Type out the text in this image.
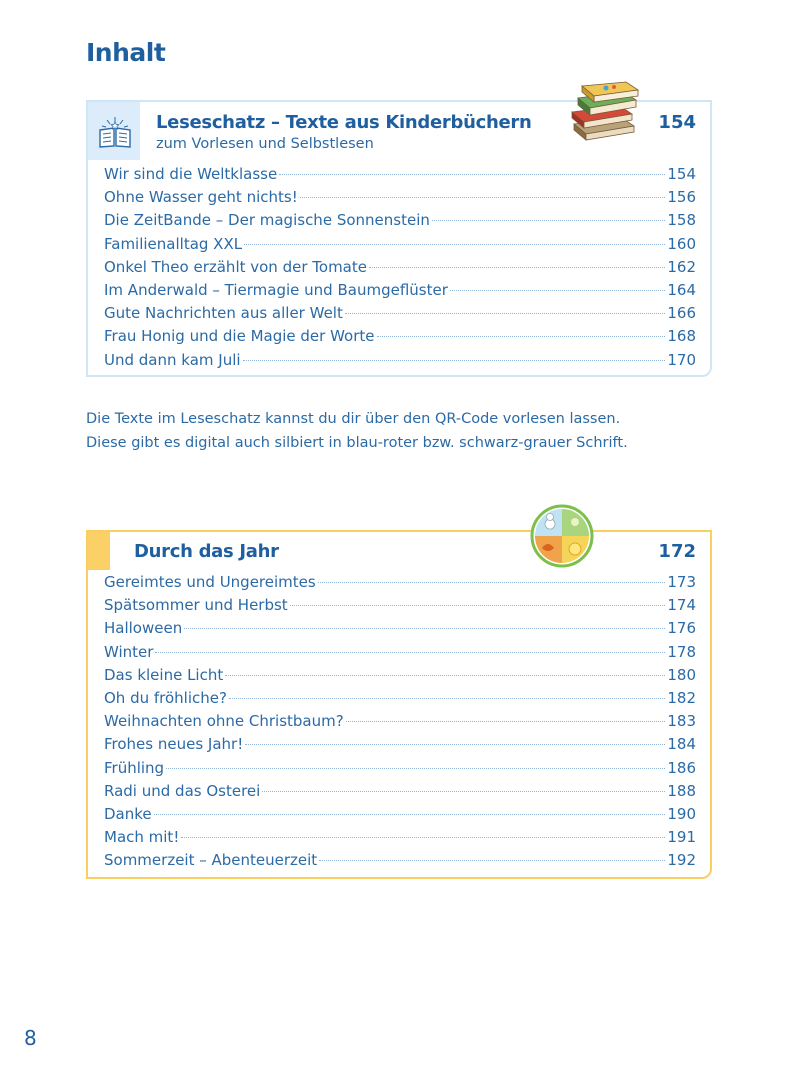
Inhalt
Leseschatz – Texte aus Kinderbüchern
zum Vorlesen und Selbstlesen
154
Wir sind die Weltklasse	154
Ohne Wasser geht nichts!	156
Die ZeitBande – Der magische Sonnenstein	158
Familienalltag XXL	160
Onkel Theo erzählt von der Tomate	162
Im Anderwald – Tiermagie und Baumgeflüster	164
Gute Nachrichten aus aller Welt	166
Frau Honig und die Magie der Worte	168
Und dann kam Juli	170
Die Texte im Leseschatz kannst du dir über den QR-Code vorlesen lassen.
Diese gibt es digital auch silbiert in blau-roter bzw. schwarz-grauer Schrift.
Durch das Jahr	172
Gereimtes und Ungereimtes	173
Spätsommer und Herbst	174
Halloween	176
Winter	178
Das kleine Licht	180
Oh du fröhliche?	182
Weihnachten ohne Christbaum?	183
Frohes neues Jahr!	184
Frühling	186
Radi und das Osterei	188
Danke	190
Mach mit!	191
Sommerzeit – Abenteuerzeit	192
8
